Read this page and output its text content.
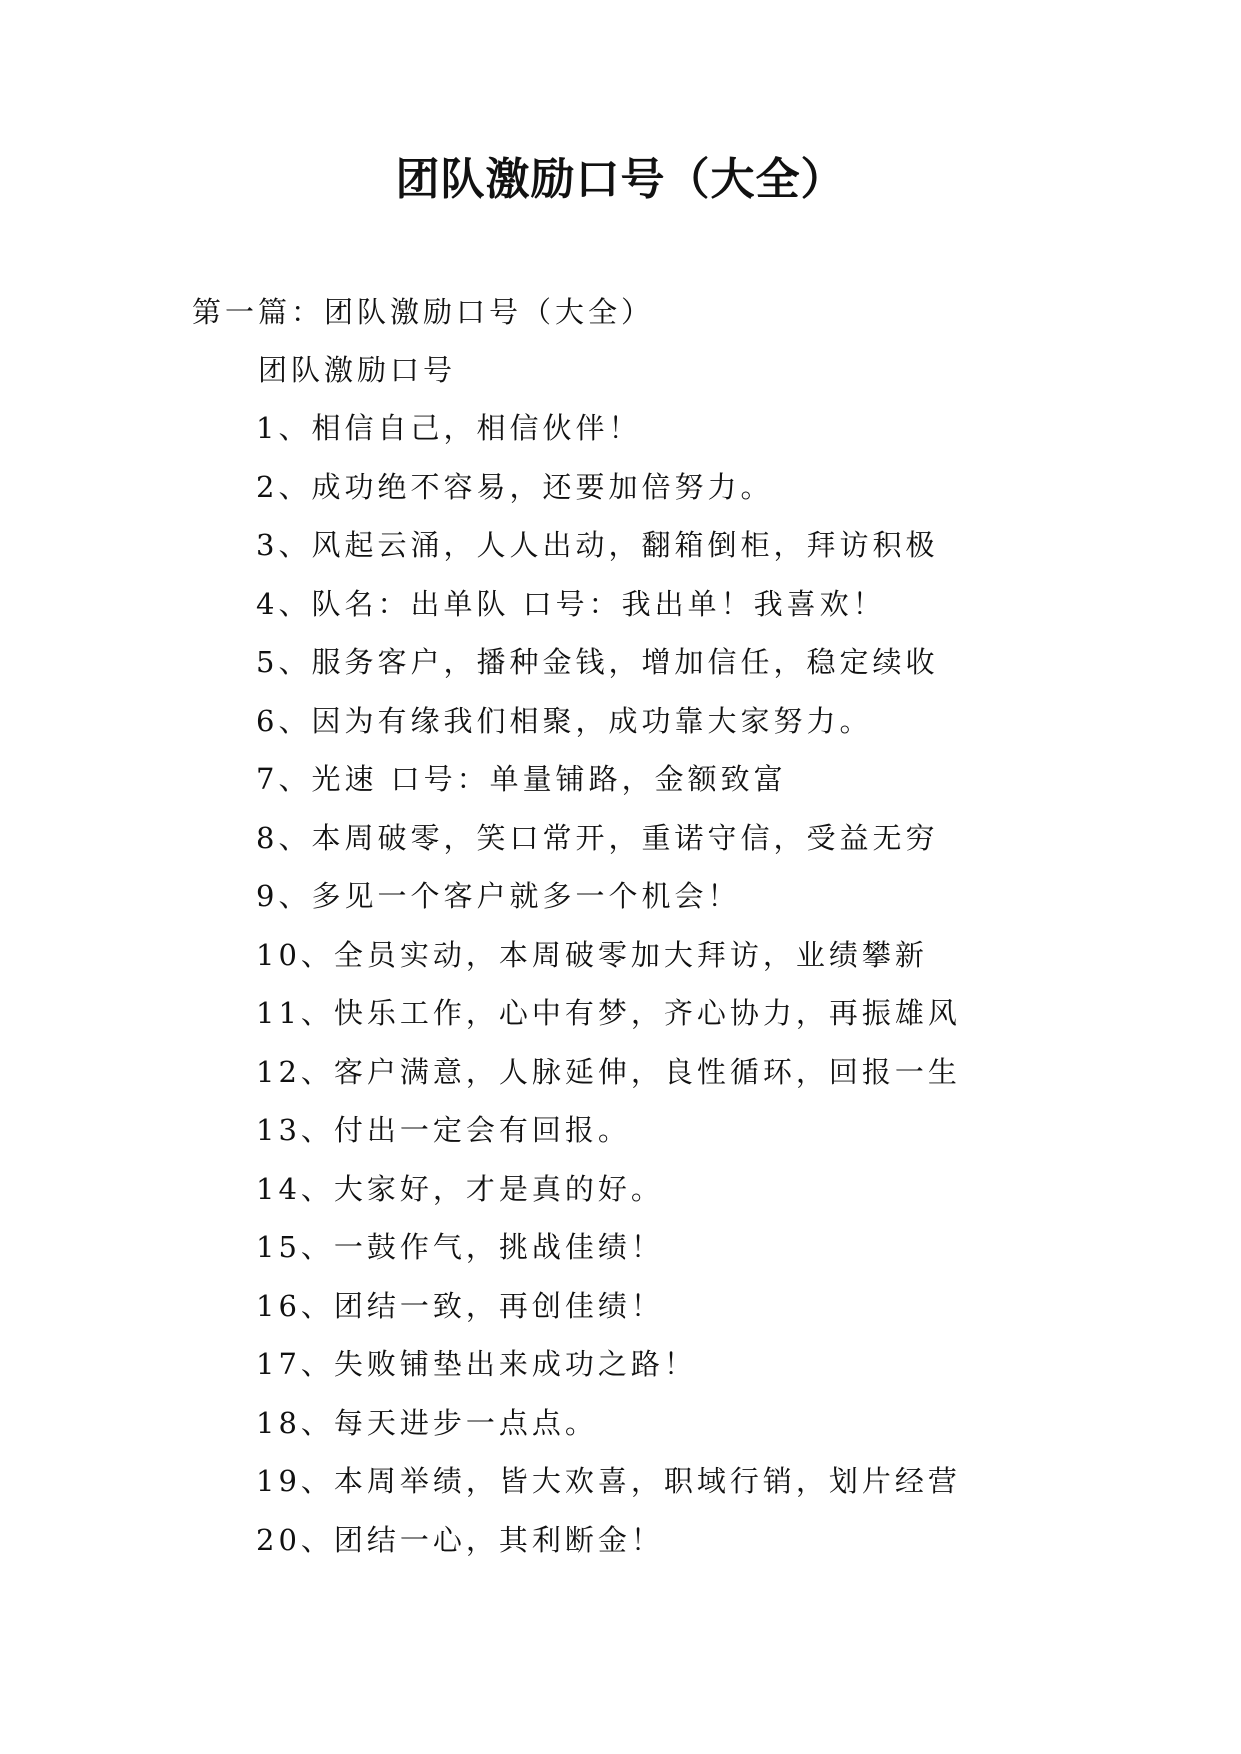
团队激励口号（大全）

第一篇：团队激励口号（大全）

团队激励口号

1、相信自己，相信伙伴！
2、成功绝不容易，还要加倍努力。
3、风起云涌，人人出动，翻箱倒柜，拜访积极
4、队名：出单队 口号：我出单！我喜欢！
5、服务客户，播种金钱，增加信任，稳定续收
6、因为有缘我们相聚，成功靠大家努力。
7、光速 口号：单量铺路，金额致富
8、本周破零，笑口常开，重诺守信，受益无穷
9、多见一个客户就多一个机会！
10、全员实动，本周破零加大拜访，业绩攀新
11、快乐工作，心中有梦，齐心协力，再振雄风
12、客户满意，人脉延伸，良性循环，回报一生
13、付出一定会有回报。
14、大家好，才是真的好。
15、一鼓作气，挑战佳绩！
16、团结一致，再创佳绩！
17、失败铺垫出来成功之路！
18、每天进步一点点。
19、本周举绩，皆大欢喜，职域行销，划片经营
20、团结一心，其利断金！
